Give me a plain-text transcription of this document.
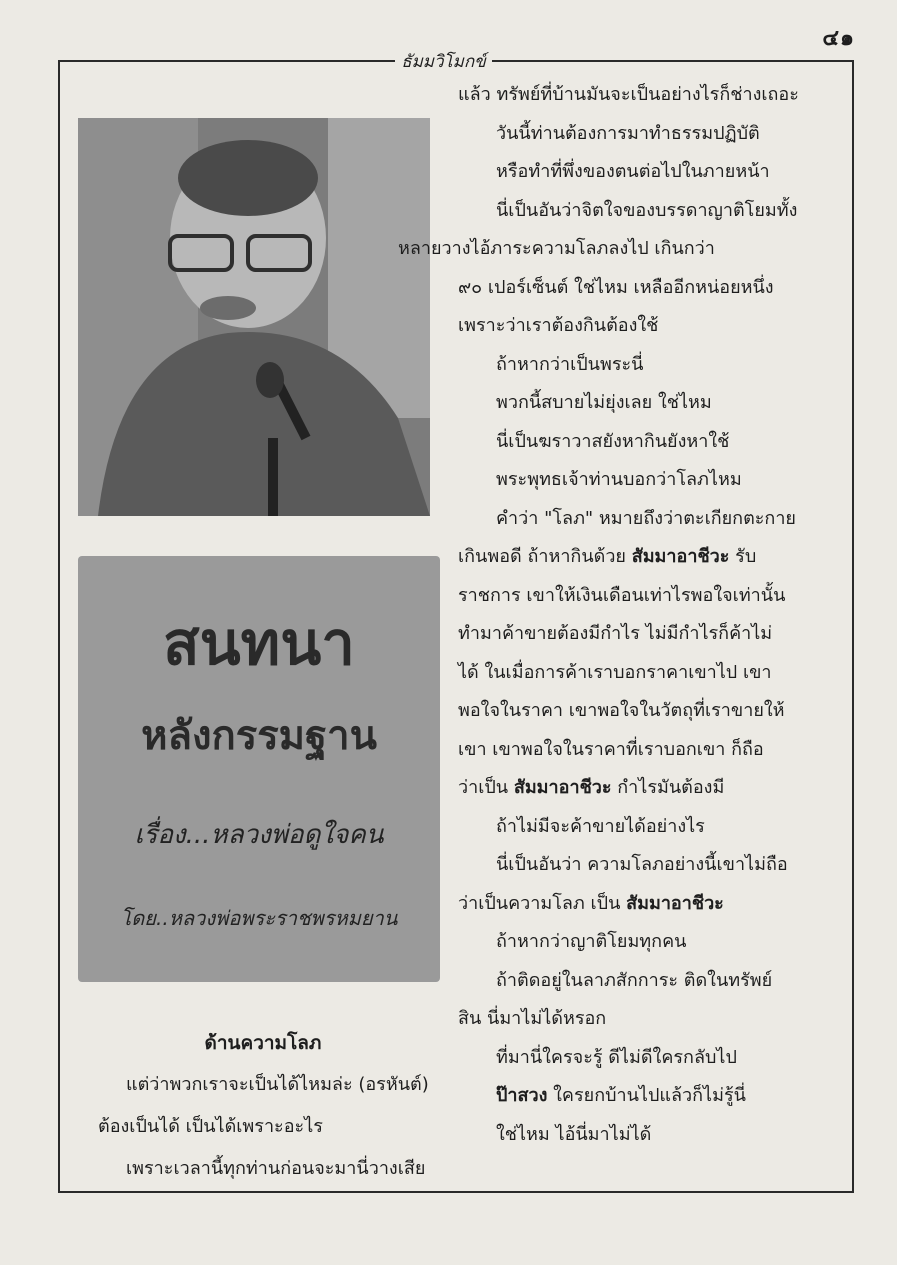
๔๑
ธัมมวิโมกข์
สนทนา
หลังกรรมฐาน
เรื่อง...หลวงพ่อดูใจคน
โดย..หลวงพ่อพระราชพรหมยาน
ด้านความโลภ
แต่ว่าพวกเราจะเป็นได้ไหมล่ะ (อรหันต์)
ต้องเป็นได้ เป็นได้เพราะอะไร
เพราะเวลานี้ทุกท่านก่อนจะมานี่วางเสีย
แล้ว ทรัพย์ที่บ้านมันจะเป็นอย่างไรก็ช่างเถอะ
วันนี้ท่านต้องการมาทำธรรมปฏิบัติ
หรือทำที่พึ่งของตนต่อไปในภายหน้า
นี่เป็นอันว่าจิตใจของบรรดาญาติโยมทั้ง
หลายวางไอ้ภาระความโลภลงไป เกินกว่า
๙๐ เปอร์เซ็นต์ ใช่ไหม เหลืออีกหน่อยหนึ่ง
เพราะว่าเราต้องกินต้องใช้
ถ้าหากว่าเป็นพระนี่
พวกนี้สบายไม่ยุ่งเลย ใช่ไหม
นี่เป็นฆราวาสยังหากินยังหาใช้
พระพุทธเจ้าท่านบอกว่าโลภไหม
คำว่า "โลภ" หมายถึงว่าตะเกียกตะกาย
เกินพอดี ถ้าหากินด้วย สัมมาอาชีวะ รับ
ราชการ เขาให้เงินเดือนเท่าไรพอใจเท่านั้น
ทำมาค้าขายต้องมีกำไร ไม่มีกำไรก็ค้าไม่
ได้ ในเมื่อการค้าเราบอกราคาเขาไป เขา
พอใจในราคา เขาพอใจในวัตถุที่เราขายให้
เขา เขาพอใจในราคาที่เราบอกเขา ก็ถือ
ว่าเป็น สัมมาอาชีวะ กำไรมันต้องมี
ถ้าไม่มีจะค้าขายได้อย่างไร
นี่เป็นอันว่า ความโลภอย่างนี้เขาไม่ถือ
ว่าเป็นความโลภ เป็น สัมมาอาชีวะ
ถ้าหากว่าญาติโยมทุกคน
ถ้าติดอยู่ในลาภสักการะ ติดในทรัพย์
สิน นี่มาไม่ได้หรอก
ที่มานี่ใครจะรู้ ดีไม่ดีใครกลับไป
ป๊าสวง ใครยกบ้านไปแล้วก็ไม่รู้นี่
ใช่ไหม ไอ้นี่มาไม่ได้
